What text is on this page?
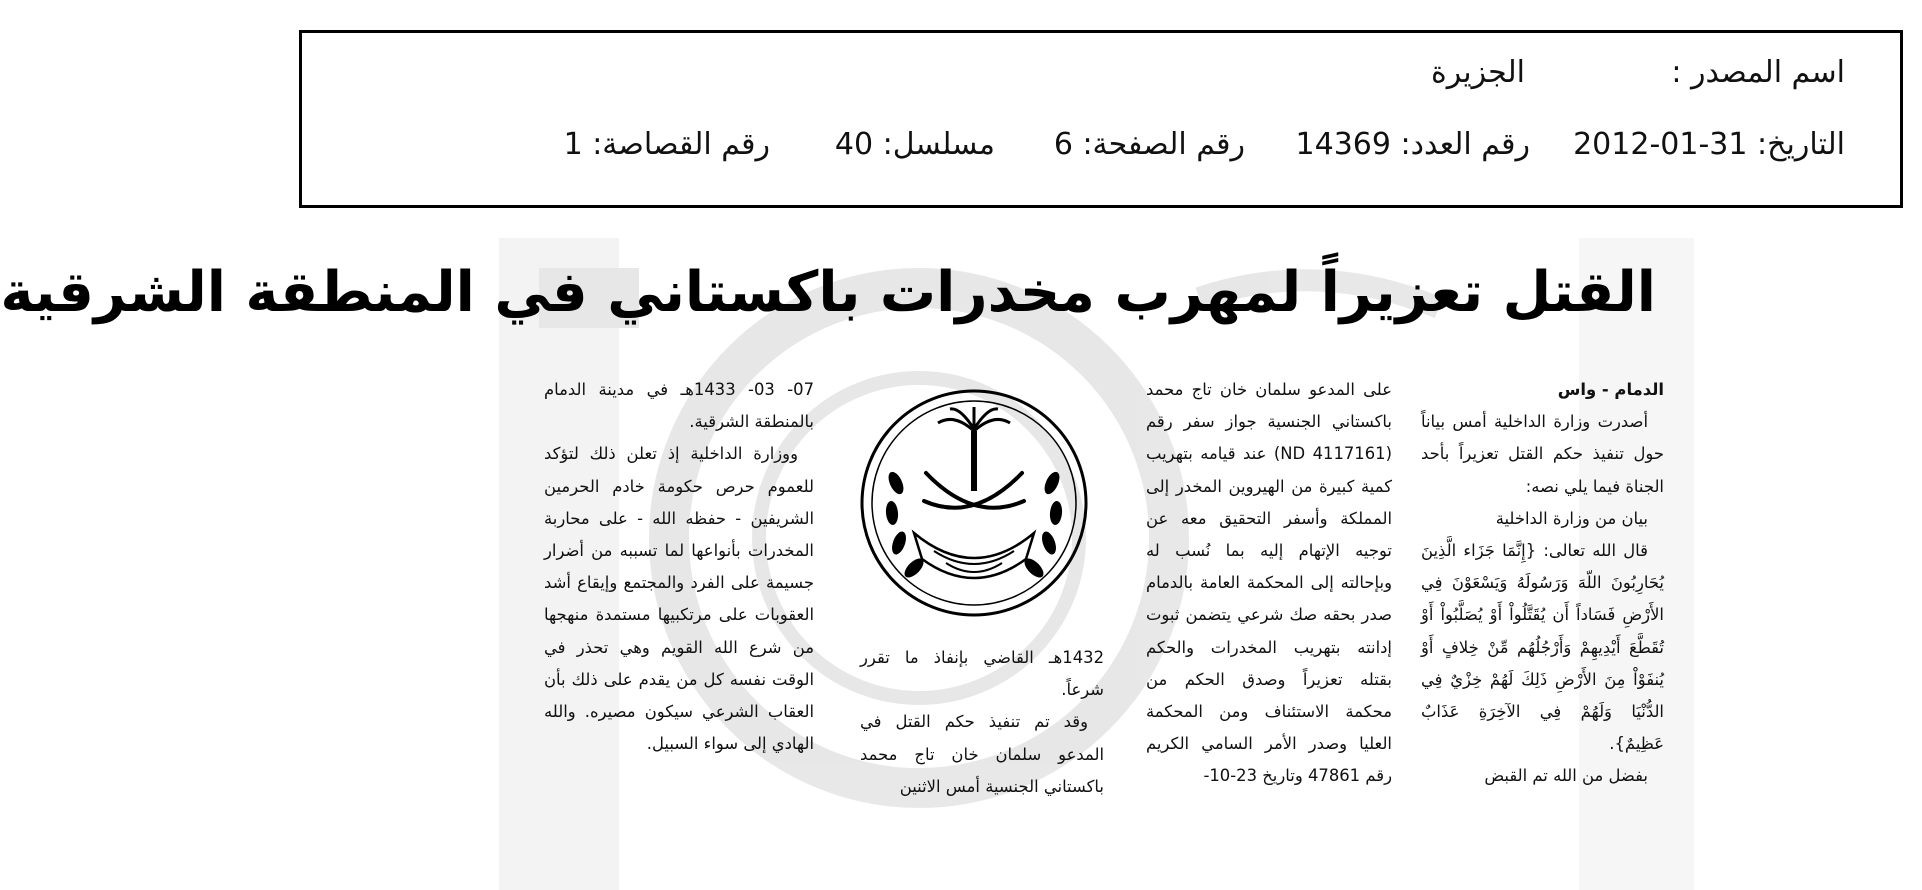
اسم المصدر :
الجزيرة
التاريخ: 31-01-2012
رقم العدد: 14369
رقم الصفحة: 6
مسلسل: 40
رقم القصاصة: 1
القتل تعزيراً لمهرب مخدرات باكستاني في المنطقة الشرقية

الدمام - واس

أصدرت وزارة الداخلية أمس بياناً حول تنفيذ حكم القتل تعزيراً بأحد الجناة فيما يلي نصه:

بيان من وزارة الداخلية

قال الله تعالى: {إِنَّمَا جَزَاء الَّذِينَ يُحَارِبُونَ اللّهَ وَرَسُولَهُ وَيَسْعَوْنَ فِي الأَرْضِ فَسَاداً أَن يُقَتَّلُواْ أَوْ يُصَلَّبُواْ أَوْ تُقَطَّعَ أَيْدِيهِمْ وَأَرْجُلُهُم مِّنْ خِلافٍ أَوْ يُنفَوْاْ مِنَ الأَرْضِ ذَلِكَ لَهُمْ خِزْيٌ فِي الدُّنْيَا وَلَهُمْ فِي الآخِرَةِ عَذَابٌ عَظِيمٌ}.

بفضل من الله تم القبض

على المدعو سلمان خان تاج محمد باكستاني الجنسية جواز سفر رقم (4117161 ND) عند قيامه بتهريب كمية كبيرة من الهيروين المخدر إلى المملكة وأسفر التحقيق معه عن توجيه الإتهام إليه بما نُسب له وبإحالته إلى المحكمة العامة بالدمام صدر بحقه صك شرعي يتضمن ثبوت إدانته بتهريب المخدرات والحكم بقتله تعزيراً وصدق الحكم من محكمة الاستئناف ومن المحكمة العليا وصدر الأمر السامي الكريم رقم 47861 وتاريخ 23-10-

1432هـ القاضي بإنفاذ ما تقرر شرعاً.

وقد تم تنفيذ حكم القتل في المدعو سلمان خان تاج محمد باكستاني الجنسية أمس الاثنين

07- 03- 1433هـ في مدينة الدمام بالمنطقة الشرقية.

ووزارة الداخلية إذ تعلن ذلك لتؤكد للعموم حرص حكومة خادم الحرمين الشريفين - حفظه الله - على محاربة المخدرات بأنواعها لما تسببه من أضرار جسيمة على الفرد والمجتمع وإيقاع أشد العقوبات على مرتكبيها مستمدة منهجها من شرع الله القويم وهي تحذر في الوقت نفسه كل من يقدم على ذلك بأن العقاب الشرعي سيكون مصيره. والله الهادي إلى سواء السبيل.
